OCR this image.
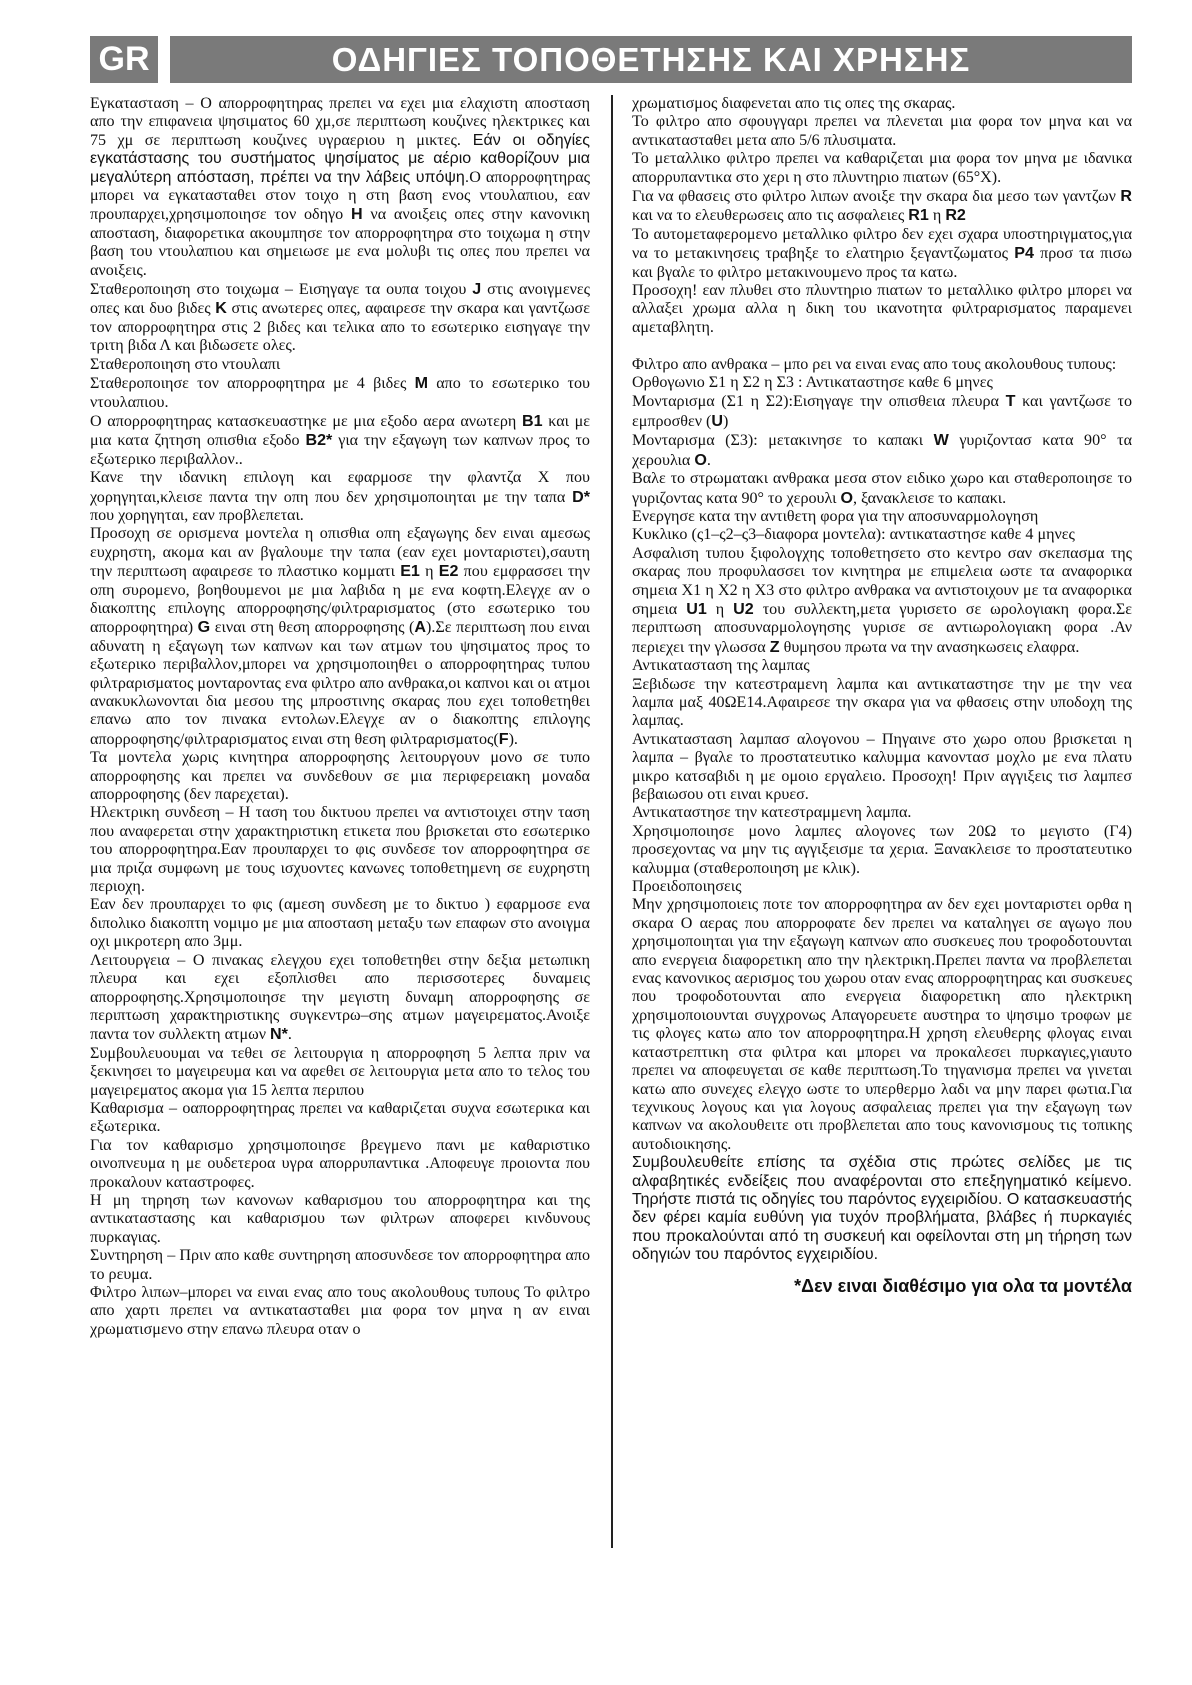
GR	ΟΔΗΓΙΕΣ ΤΟΠΟΘΕΤΗΣΗΣ ΚΑΙ ΧΡΗΣΗΣ

Εγκατασταση – Ο απορροφητηρας πρεπει να εχει μια ελαχιστη αποσταση απο την επιφανεια ψησιματος 60 χμ,σε περιπτωση κουζινες ηλεκτρικες και 75 χμ σε περιπτωση κουζινες υγραεριου η μικτες. Εάν οι οδηγίες εγκατάστασης του συστήματος ψησίματος με αέριο καθορίζουν μια μεγαλύτερη απόσταση, πρέπει να την λάβεις υπόψη.Ο απορροφητηρας μπορει να εγκατασταθει στον τοιχο η στη βαση ενος ντουλαπιου, εαν προυπαρχει,χρησιμοποιησε τον οδηγο H να ανοιξεις οπες στην κανονικη αποσταση, διαφορετικα ακουμπησε τον απορροφητηρα στο τοιχωμα η στην βαση του ντουλαπιου και σημειωσε με ενα μολυβι τις οπες που πρεπει να ανοιξεις.

Σταθεροποιηση στο τοιχωμα – Εισηγαγε τα ουπα τοιχου J στις ανοιγμενες οπες και δυο βιδες K στις ανωτερες οπες, αφαιρεσε την σκαρα και γαντζωσε τον απορροφητηρα στις 2 βιδες και τελικα απο το εσωτερικο εισηγαγε την τριτη βιδα Λ και βιδωσετε ολες.

Σταθεροποιηση στο ντουλαπι

Σταθεροποιησε τον απορροφητηρα με 4 βιδες M απο το εσωτερικο του ντουλαπιου.

O απορροφητηρας κατασκευαστηκε με μια εξοδο αερα ανωτερη B1 και με μια κατα ζητηση οπισθια εξοδο B2* για την εξαγωγη των καπνων προς το εξωτερικο περιβαλλον..

Κανε την ιδανικη επιλογη και εφαρμοσε την φλαντζα Χ που χορηγηται,κλεισε παντα την οπη που δεν χρησιμοποιηται με την ταπα D* που χορηγηται, εαν προβλεπεται.

Προσοχη σε ορισμενα μοντελα η οπισθια οπη εξαγωγης δεν ειναι αμεσως ευχρηστη, ακομα και αν βγαλουμε την ταπα (εαν εχει μονταριστει),σαυτη την περιπτωση αφαιρεσε το πλαστικο κομματι E1 η E2 που εμφρασσει την οπη συρομενο, βοηθουμενοι με μια λαβιδα η με ενα κοφτη.Ελεγχε αν ο διακοπτης επιλογης απορροφησης/φιλτραρισματος (στο εσωτερικο του απορροφητηρα) G ειναι στη θεση απορροφησης (A).Σε περιπτωση που ειναι αδυνατη η εξαγωγη των καπνων και των ατμων του ψησιματος προς το εξωτερικο περιβαλλον,μπορει να χρησιμοποιηθει ο απορροφητηρας τυπου φιλτραρισματος μονταροντας ενα φιλτρο απο ανθρακα,οι καπνοι και οι ατμοι ανακυκλωνονται δια μεσου της μπροστινης σκαρας που εχει τοποθετηθει επανω απο τον πινακα εντολων.Ελεγχε αν ο διακοπτης επιλογης απορροφησης/φιλτραρισματος ειναι στη θεση φιλτραρισματος(F).

Τα μοντελα χωρις κινητηρα απορροφησης λειτουργουν μονο σε τυπο απορροφησης και πρεπει να συνδεθουν σε μια περιφερειακη μοναδα απορροφησης (δεν παρεχεται).

Ηλεκτρικη συνδεση – Η ταση του δικτυου πρεπει να αντιστοιχει στην ταση που αναφερεται στην χαρακτηριστικη ετικετα που βρισκεται στο εσωτερικο του απορροφητηρα.Εαν προυπαρχει το φις συνδεσε τον απορροφητηρα σε μια πριζα συμφωνη με τους ισχυοντες κανωνες τοποθετημενη σε ευχρηστη περιοχη.

Εαν δεν προυπαρχει το φις (αμεση συνδεση με το δικτυο ) εφαρμοσε ενα διπολικο διακοπτη νομιμο με μια αποσταση μεταξυ των επαφων στο ανοιγμα οχι μικροτερη απο 3μμ.

Λειτουργεια – Ο πινακας ελεγχου εχει τοποθετηθει στην δεξια μετωπικη πλευρα και εχει εξοπλισθει απο περισσοτερες δυναμεις απορροφησης.Χρησιμοποιησε την μεγιστη δυναμη απορροφησης σε περιπτωση χαρακτηριστικης συγκεντρω–σης ατμων μαγειρεματος.Ανοιξε παντα τον συλλεκτη ατμων N*.

Συμβουλευουμαι να τεθει σε λειτουργια η απορροφηση 5 λεπτα πριν να ξεκινησει το μαγειρευμα και να αφεθει σε λειτουργια μετα απο το τελος του μαγειρεματος ακομα για 15 λεπτα περιπου

Καθαρισμα – οαπορροφητηρας πρεπει να καθαριζεται συχνα εσωτερικα και εξωτερικα.

Για τον καθαρισμο χρησιμοποιησε βρεγμενο πανι με καθαριστικο οινοπνευμα η με ουδετεροα υγρα απορρυπαντικα .Αποφευγε προιοντα που προκαλουν καταστροφες.

Η μη τηρηση των κανονων καθαρισμου του απορροφητηρα και της αντικαταστασης και καθαρισμου των φιλτρων αποφερει κινδυνους πυρκαγιας.

Συντηρηση – Πριν απο καθε συντηρηση αποσυνδεσε τον απορροφητηρα απο το ρευμα.

Φιλτρο λιπων–μπορει να ειναι ενας απο τους ακολουθους τυπους Το φιλτρο απο χαρτι πρεπει να αντικατασταθει μια φορα τον μηνα η αν ειναι χρωματισμενο στην επανω πλευρα οταν ο

χρωματισμος διαφενεται απο τις οπες της σκαρας.

Το φιλτρο απο σφουγγαρι πρεπει να πλενεται μια φορα τον μηνα και να αντικατασταθει μετα απο 5/6 πλυσιματα.

Το μεταλλικο φιλτρο πρεπει να καθαριζεται μια φορα τον μηνα με ιδανικα απορρυπαντικα στο χερι η στο πλυντηριο πιατων (65°Χ).

Για να φθασεις στο φιλτρο λιπων ανοιξε την σκαρα δια μεσο των γαντζων R και να το ελευθερωσεις απο τις ασφαλειες R1 η R2

Το αυτομεταφερομενο μεταλλικο φιλτρο δεν εχει σχαρα υποστηριγματος,για να το μετακινησεις τραβηξε το ελατηριο ξεγαντζωματος P4 προσ τα πισω και βγαλε το φιλτρο μετακινουμενο προς τα κατω.

Προσοχη! εαν πλυθει στο πλυντηριο πιατων το μεταλλικο φιλτρο μπορει να αλλαξει χρωμα αλλα η δικη του ικανοτητα φιλτραρισματος παραμενει αμεταβλητη.

Φιλτρο απο ανθρακα – μπο ρει να ειναι ενας απο τους ακολουθους τυπους:

Ορθογωνιο Σ1 η Σ2 η Σ3 : Αντικαταστησε καθε 6 μηνες

Μονταρισμα (Σ1 η Σ2):Εισηγαγε την οπισθεια πλευρα T και γαντζωσε το εμπροσθεν (U)

Μονταρισμα (Σ3): μετακινησε το καπακι W γυριζοντασ κατα 90° τα χερουλια O.

Βαλε το στρωματακι ανθρακα μεσα στον ειδικο χωρο και σταθεροποιησε το γυριζοντας κατα 90° το χερουλι O, ξανακλεισε το καπακι.

Ενεργησε κατα την αντιθετη φορα για την αποσυναρμολογηση

Κυκλικο (ς1–ς2–ς3–διαφορα μοντελα): αντικαταστησε καθε 4 μηνες

Ασφαλιση τυπου ξιφολογχης τοποθετησετο στο κεντρο σαν σκεπασμα της σκαρας που προφυλασσει τον κινητηρα με επιμελεια ωστε τα αναφορικα σημεια Χ1 η Χ2 η Χ3 στο φιλτρο ανθρακα να αντιστοιχουν με τα αναφορικα σημεια U1 η U2 του συλλεκτη,μετα γυρισετο σε ωρολογιακη φορα.Σε περιπτωση αποσυναρμολογησης γυρισε σε αντιωρολογιακη φορα .Αν περιεχει την γλωσσα Z θυμησου πρωτα να την ανασηκωσεις ελαφρα.

Αντικατασταση της λαμπας

Ξεβιδωσε την κατεστραμενη λαμπα και αντικαταστησε την με την νεα λαμπα μαξ 40ΩΕ14.Αφαιρεσε την σκαρα για να φθασεις στην υποδοχη της λαμπας.

Αντικατασταση λαμπασ αλογονου – Πηγαινε στο χωρο οπου βρισκεται η λαμπα – βγαλε το προστατευτικο καλυμμα κανοντασ μοχλο με ενα πλατυ μικρο κατσαβιδι η με ομοιο εργαλειο. Προσοχη! Πριν αγγιξεις τισ λαμπεσ βεβαιωσου οτι ειναι κρυεσ.

Αντικαταστησε την κατεστραμμενη λαμπα.

Χρησιμοποιησε μονο λαμπες αλογονες των 20Ω το μεγιστο (Γ4) προσεχοντας να μην τις αγγιξεισμε τα χερια. Ξανακλεισε το προστατευτικο καλυμμα (σταθεροποιηση με κλικ).

Προειδοποιησεις

Μην χρησιμοποιεις ποτε τον απορροφητηρα αν δεν εχει μονταριστει ορθα η σκαρα Ο αερας που απορροφατε δεν πρεπει να καταληγει σε αγωγο που χρησιμοποιηται για την εξαγωγη καπνων απο συσκευες που τροφοδοτουνται απο ενεργεια διαφορετικη απο την ηλεκτρικη.Πρεπει παντα να προβλεπεται ενας κανονικος αερισμος του χωρου οταν ενας απορροφητηρας και συσκευες που τροφοδοτουνται απο ενεργεια διαφορετικη απο ηλεκτρικη χρησιμοποιουνται συγχρονως Απαγορευετε αυστηρα το ψησιμο τροφων με τις φλογες κατω απο τον απορροφητηρα.Η χρηση ελευθερης φλογας ειναι καταστρεπτικη στα φιλτρα και μπορει να προκαλεσει πυρκαγιες,γιαυτο πρεπει να αποφευγεται σε καθε περιπτωση.Το τηγανισμα πρεπει να γινεται κατω απο συνεχες ελεγχο ωστε το υπερθερμο λαδι να μην παρει φωτια.Για τεχνικους λογους και για λογους ασφαλειας πρεπει για την εξαγωγη των καπνων να ακολουθειτε οτι προβλεπεται απο τους κανονισμους τις τοπικης αυτοδιοικησης.

Συμβουλευθείτε επίσης τα σχέδια στις πρώτες σελίδες με τις αλφαβητικές ενδείξεις που αναφέρονται στο επεξηγηματικό κείμενο. Τηρήστε πιστά τις οδηγίες του παρόντος εγχειριδίου. Ο κατασκευαστής δεν φέρει καμία ευθύνη για τυχόν προβλήματα, βλάβες ή πυρκαγιές που προκαλούνται από τη συσκευή και οφείλονται στη μη τήρηση των οδηγιών του παρόντος εγχειριδίου.

*Δεν ειναι διαθέσιμο για ολα τα μοντέλα
